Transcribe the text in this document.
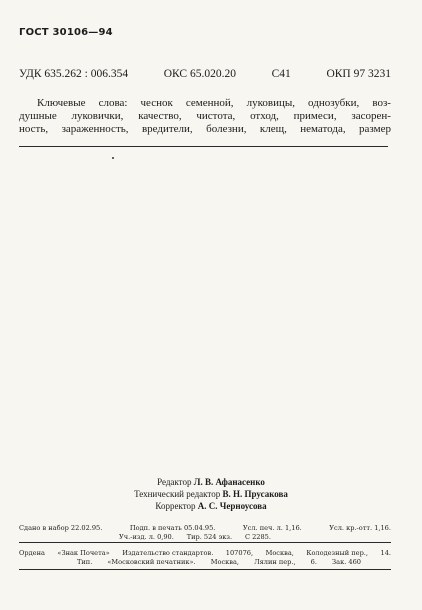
ГОСТ 30106—94
УДК 635.262 : 006.354	ОКС 65.020.20	С41	ОКП 97 3231
Ключевые слова: чеснок семенной, луковицы, однозубки, воз-
душные луковички, качество, чистота, отход, примеси, засорен-
ность, зараженность, вредители, болезни, клещ, нематода, размер
Редактор Л. В. Афанасенко
Технический редактор В. Н. Прусакова
Корректор А. С. Черноусова
Сдано в набор 22.02.95.	Подп. в печать 05.04.95.	Усл. печ. л. 1,16.	Усл. кр.-отт. 1,16.
Уч.-изд. л. 0,90. Тир. 524 экз. С 2285.
Ордена «Знак Почета» Издательство стандартов. 107076, Москва, Колодезный пер., 14.
Тип. «Московский печатник». Москва, Лялин пер., 6. Зак. 460
